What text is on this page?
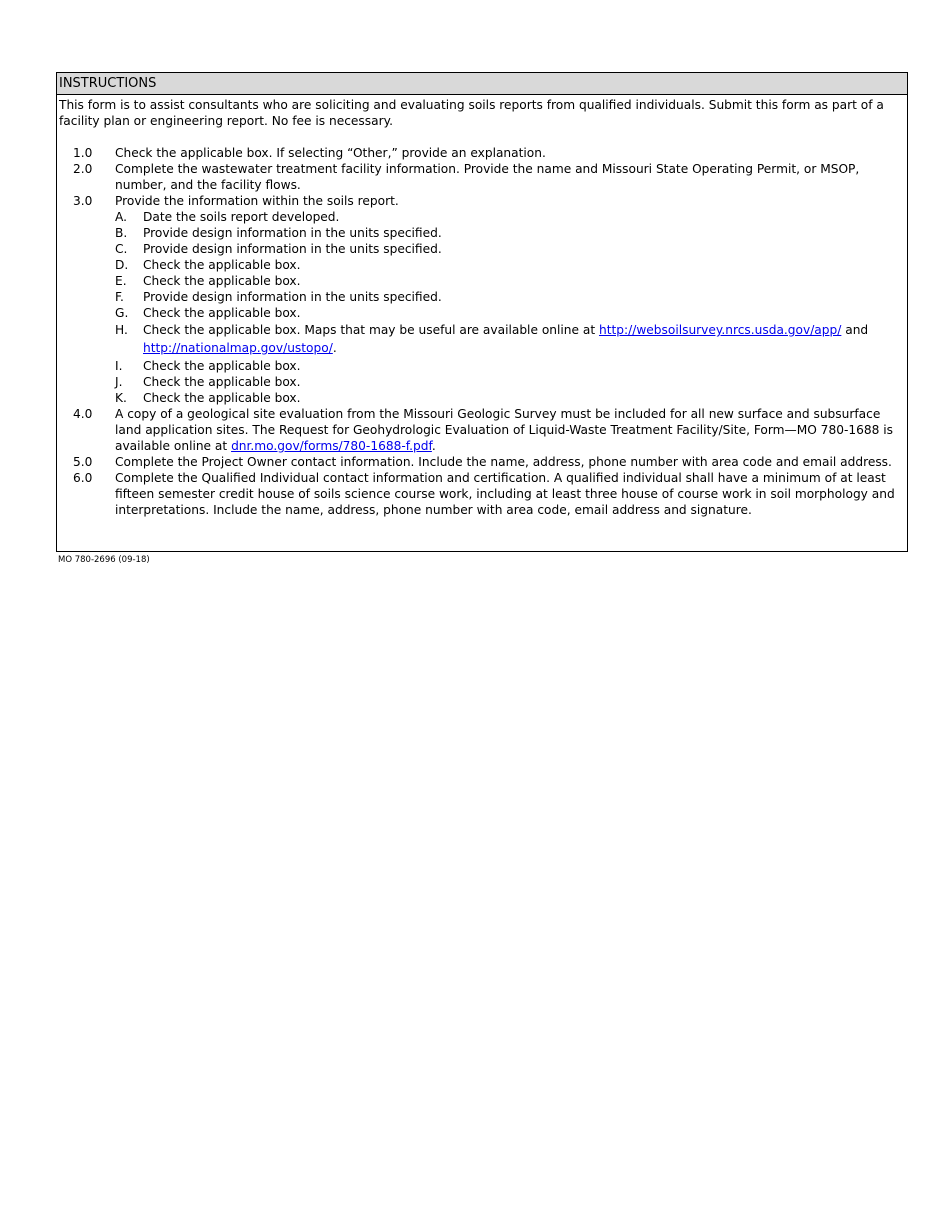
INSTRUCTIONS

This form is to assist consultants who are soliciting and evaluating soils reports from qualified individuals. Submit this form as part of a facility plan or engineering report. No fee is necessary.

1.0	Check the applicable box. If selecting “Other,” provide an explanation.
2.0	Complete the wastewater treatment facility information. Provide the name and Missouri State Operating Permit, or MSOP, number, and the facility flows.
3.0	Provide the information within the soils report.
A.	Date the soils report developed.
B.	Provide design information in the units specified.
C.	Provide design information in the units specified.
D.	Check the applicable box.
E.	Check the applicable box.
F.	Provide design information in the units specified.
G.	Check the applicable box.
H.	Check the applicable box. Maps that may be useful are available online at http://websoilsurvey.nrcs.usda.gov/app/ and http://nationalmap.gov/ustopo/.
I.	Check the applicable box.
J.	Check the applicable box.
K.	Check the applicable box.
4.0	A copy of a geological site evaluation from the Missouri Geologic Survey must be included for all new surface and subsurface land application sites. The Request for Geohydrologic Evaluation of Liquid-Waste Treatment Facility/Site, Form—MO 780-1688 is available online at dnr.mo.gov/forms/780-1688-f.pdf.
5.0	Complete the Project Owner contact information. Include the name, address, phone number with area code and email address.
6.0	Complete the Qualified Individual contact information and certification. A qualified individual shall have a minimum of at least fifteen semester credit house of soils science course work, including at least three house of course work in soil morphology and interpretations. Include the name, address, phone number with area code, email address and signature.
MO 780-2696 (09-18)
